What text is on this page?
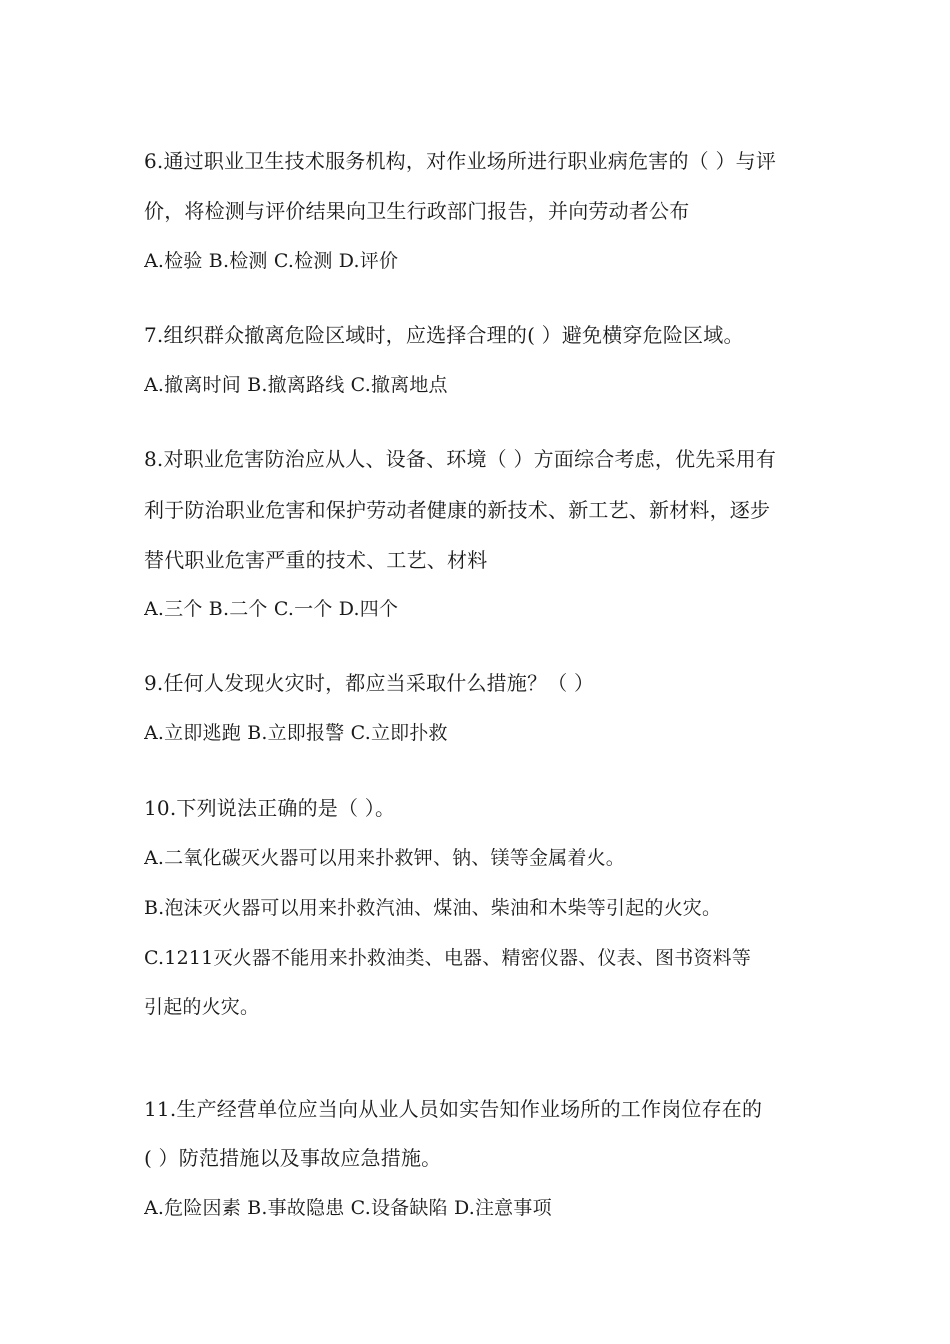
6.通过职业卫生技术服务机构，对作业场所进行职业病危害的（ ）与评
价，将检测与评价结果向卫生行政部门报告，并向劳动者公布
A.检验 B.检测 C.检测 D.评价
7.组织群众撤离危险区域时，应选择合理的( ）避免横穿危险区域。
A.撤离时间 B.撤离路线 C.撤离地点
8.对职业危害防治应从人、设备、环境（ ）方面综合考虑，优先采用有
利于防治职业危害和保护劳动者健康的新技术、新工艺、新材料，逐步
替代职业危害严重的技术、工艺、材料
A.三个 B.二个 C.一个 D.四个
9.任何人发现火灾时，都应当采取什么措施？（ ）
A.立即逃跑 B.立即报警 C.立即扑救
10.下列说法正确的是（ ）。
A.二氧化碳灭火器可以用来扑救钾、钠、镁等金属着火。
B.泡沫灭火器可以用来扑救汽油、煤油、柴油和木柴等引起的火灾。
C.1211灭火器不能用来扑救油类、电器、精密仪器、仪表、图书资料等
引起的火灾。
11.生产经营单位应当向从业人员如实告知作业场所的工作岗位存在的
( ）防范措施以及事故应急措施。
A.危险因素 B.事故隐患 C.设备缺陷 D.注意事项
